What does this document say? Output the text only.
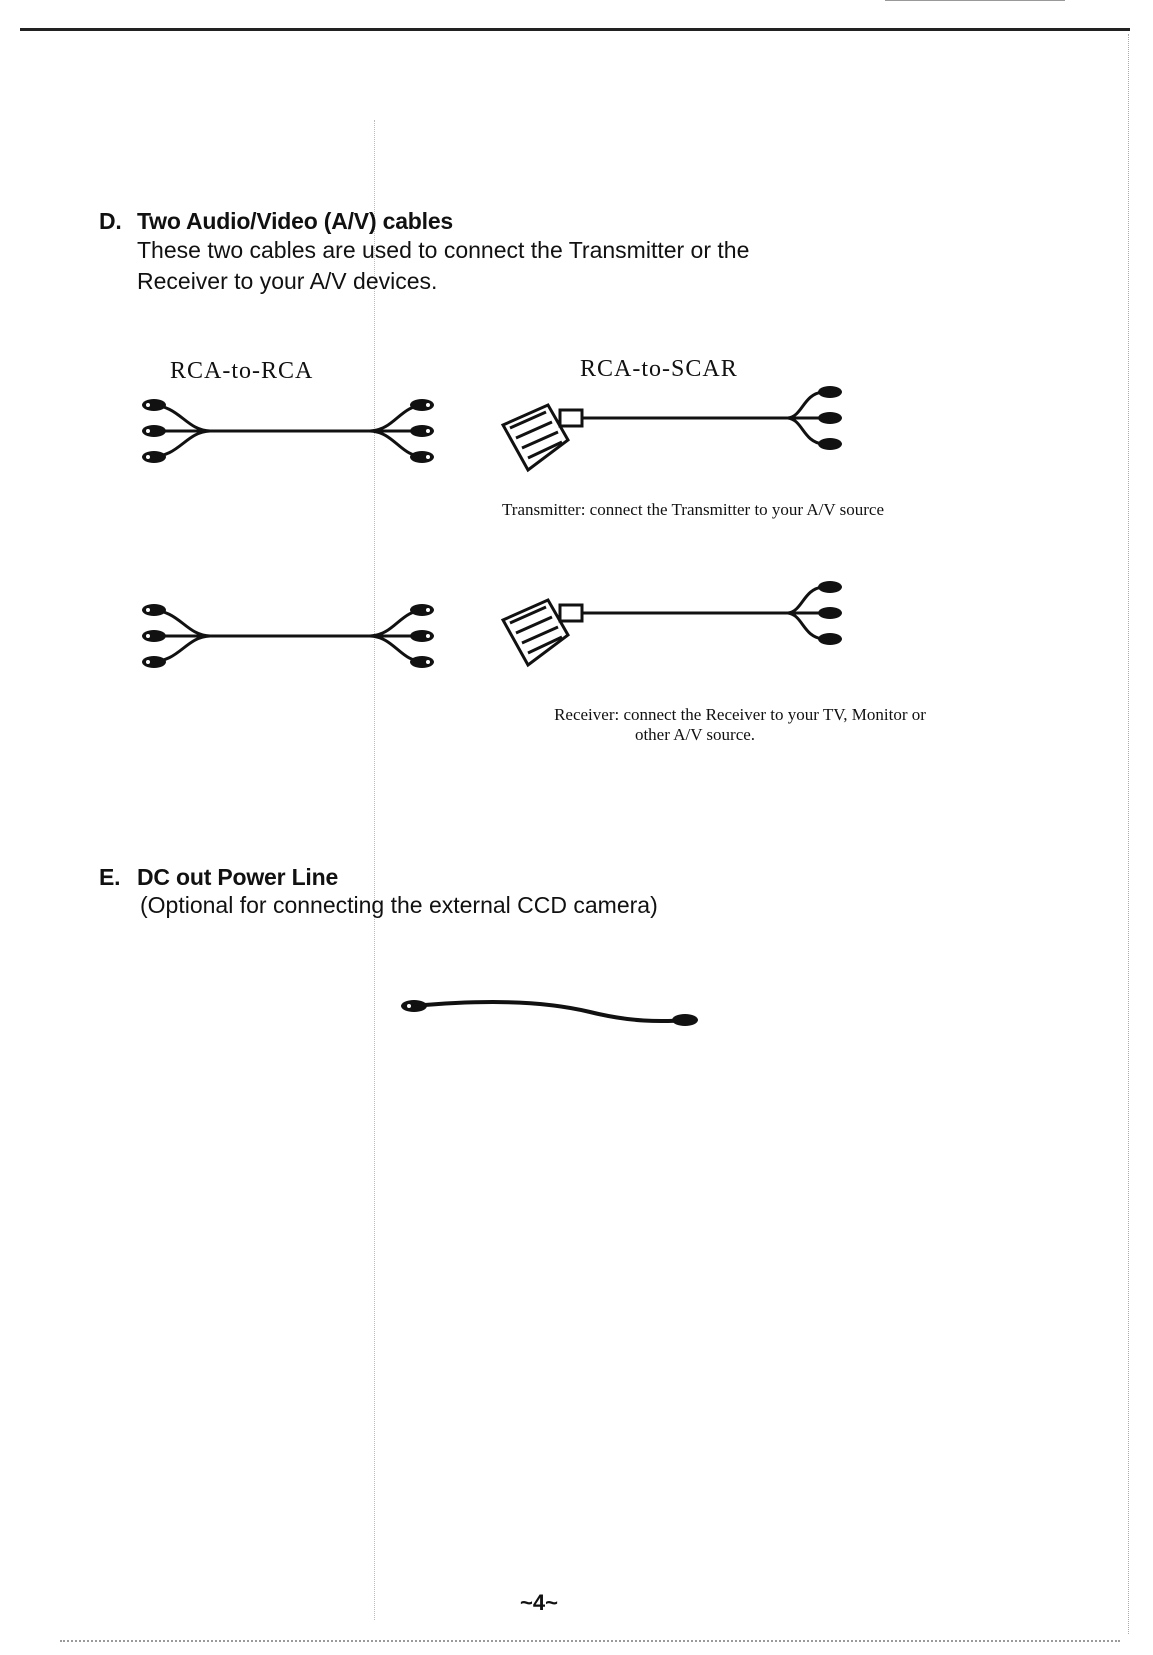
D. Two Audio/Video (A/V) cables
These two cables are used to connect the Transmitter or the
Receiver to your A/V devices.
RCA-to-RCA	RCA-to-SCAR
Transmitter: connect the Transmitter to your A/V source
Receiver: connect the Receiver to your TV, Monitor or
other A/V source.
E. DC out Power Line
(Optional for connecting the external CCD camera)
~4~
